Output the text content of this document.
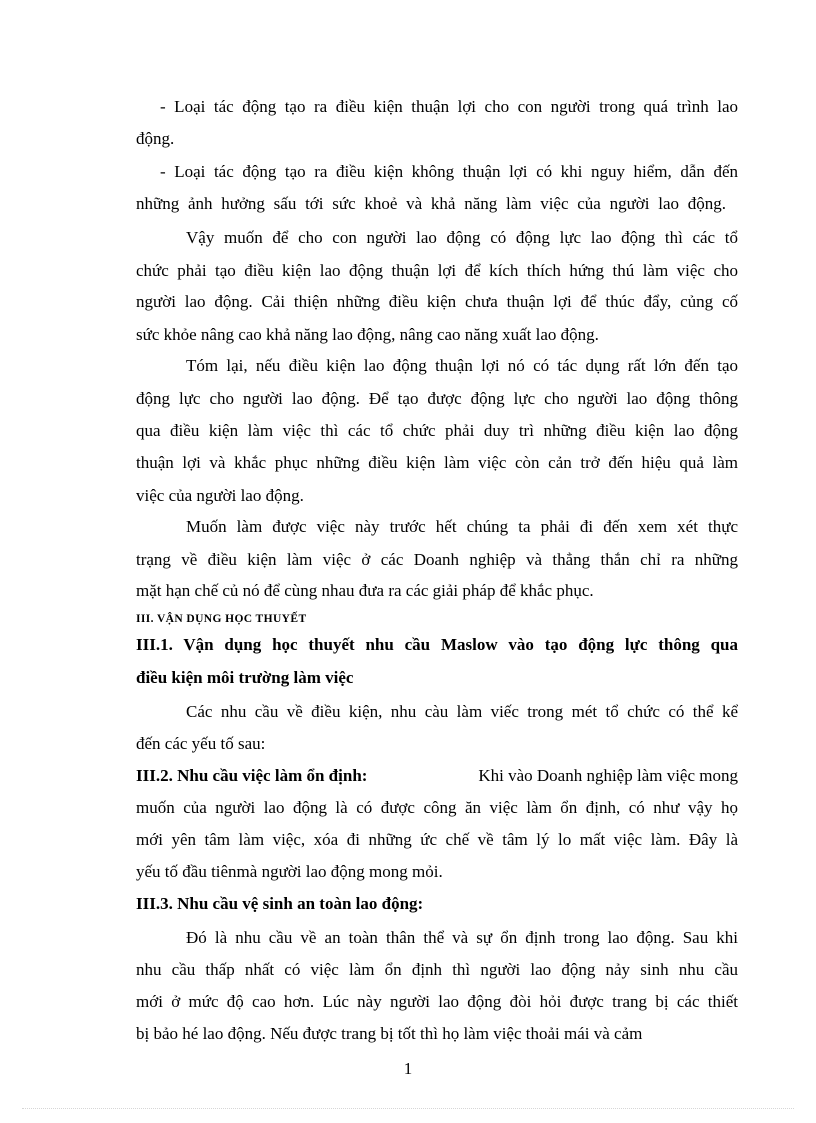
- Loại tác động tạo ra điều kiện thuận lợi cho con người trong quá trình lao
động.
- Loại tác động tạo ra điều kiện không thuận lợi có khi nguy hiểm, dẫn đến
những ảnh hưởng sấu tới sức khoẻ và khả năng làm việc của người lao động.
Vậy muốn để cho con người lao động có động lực lao động thì các tổ
chức phải tạo điều kiện lao động thuận lợi để kích thích hứng thú làm việc cho
người lao động. Cải thiện những điều kiện chưa thuận lợi để thúc đẩy, củng cố
sức khỏe nâng cao khả năng lao động, nâng cao năng xuất lao động.
Tóm lại, nếu điều kiện lao động thuận lợi nó có tác dụng rất lớn đến tạo
động lực cho người lao động. Để tạo được động lực cho người lao động thông
qua điều kiện làm việc thì các tổ chức phải duy trì những điều kiện lao động
thuận lợi và khắc phục những điều kiện làm việc còn cản trở đến hiệu quả làm
việc của người lao động.
Muốn làm được việc này trước hết chúng ta phải đi đến xem xét thực
trạng về điều kiện làm việc ở các Doanh nghiệp và thẳng thắn chỉ ra những
mặt hạn chế củ nó để cùng nhau đưa ra các giải pháp để khắc phục.
III. VẬN DỤNG HỌC THUYẾT
III.1. Vận dụng học thuyết nhu cầu Maslow vào tạo động lực thông qua
điều kiện môi trường làm việc
Các nhu cầu về điều kiện, nhu càu làm viếc trong mét tổ chức có thể kể
đến các yếu tố sau:
III.2. Nhu cầu việc làm ổn định:	Khi vào Doanh nghiệp làm việc mong
muốn của người lao động là có được công ăn việc làm ổn định, có như vậy họ
mới yên tâm làm việc, xóa đi những ức chế về tâm lý lo mất việc làm. Đây là
yếu tố đầu tiênmà người lao động mong mỏi.
III.3. Nhu cầu vệ sinh an toàn lao động:
Đó là nhu cầu về an toàn thân thể và sự ổn định trong lao động. Sau khi
nhu cầu thấp nhất có việc làm ổn định thì người lao động nảy sinh nhu cầu
mới ở mức độ cao hơn. Lúc này người lao động đòi hỏi được trang bị các thiết
bị bảo hé lao động. Nếu được trang bị tốt thì họ làm việc thoải mái và cảm
1
